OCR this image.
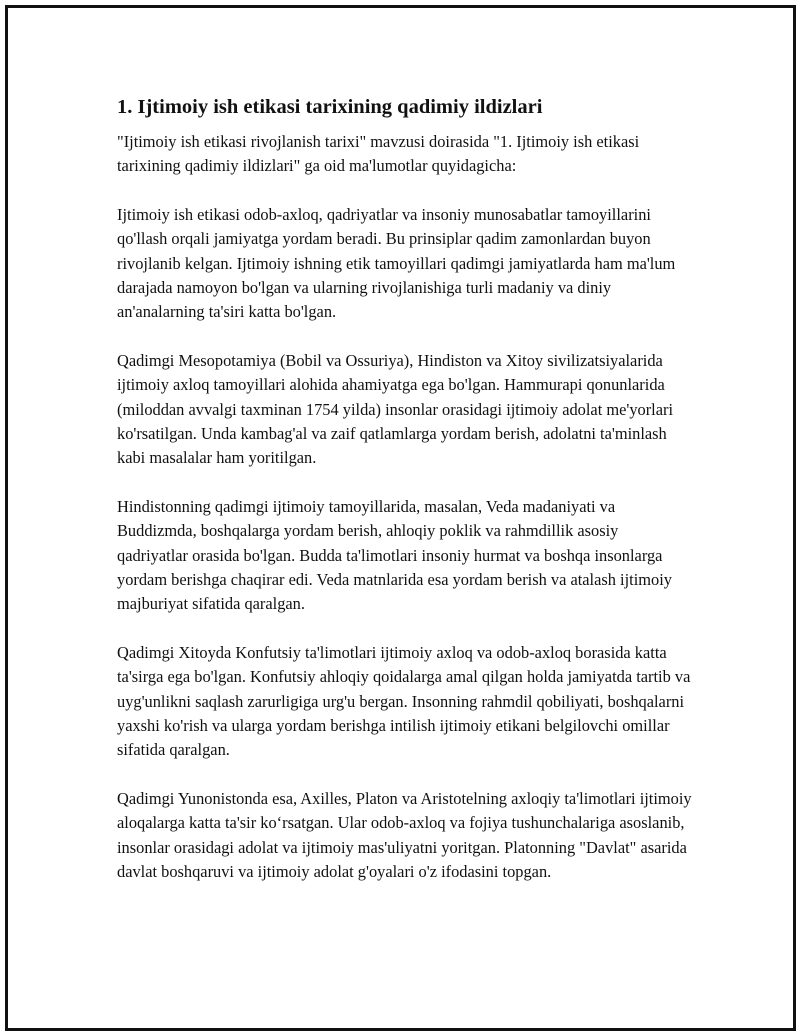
1. Ijtimoiy ish etikasi tarixining qadimiy ildizlari

"Ijtimoiy ish etikasi rivojlanish tarixi" mavzusi doirasida "1. Ijtimoiy ish etikasi tarixining qadimiy ildizlari" ga oid ma'lumotlar quyidagicha:

Ijtimoiy ish etikasi odob-axloq, qadriyatlar va insoniy munosabatlar tamoyillarini qo'llash orqali jamiyatga yordam beradi. Bu prinsiplar qadim zamonlardan buyon rivojlanib kelgan. Ijtimoiy ishning etik tamoyillari qadimgi jamiyatlarda ham ma'lum darajada namoyon bo'lgan va ularning rivojlanishiga turli madaniy va diniy an'analarning ta'siri katta bo'lgan.

Qadimgi Mesopotamiya (Bobil va Ossuriya), Hindiston va Xitoy sivilizatsiyalarida ijtimoiy axloq tamoyillari alohida ahamiyatga ega bo'lgan. Hammurapi qonunlarida (miloddan avvalgi taxminan 1754 yilda) insonlar orasidagi ijtimoiy adolat me'yorlari ko'rsatilgan. Unda kambag'al va zaif qatlamlarga yordam berish, adolatni ta'minlash kabi masalalar ham yoritilgan.

Hindistonning qadimgi ijtimoiy tamoyillarida, masalan, Veda madaniyati va Buddizmda, boshqalarga yordam berish, ahloqiy poklik va rahmdillik asosiy qadriyatlar orasida bo'lgan. Budda ta'limotlari insoniy hurmat va boshqa insonlarga yordam berishga chaqirar edi. Veda matnlarida esa yordam berish va atalash ijtimoiy majburiyat sifatida qaralgan.

Qadimgi Xitoyda Konfutsiy ta'limotlari ijtimoiy axloq va odob-axloq borasida katta ta'sirga ega bo'lgan. Konfutsiy ahloqiy qoidalarga amal qilgan holda jamiyatda tartib va uyg'unlikni saqlash zarurligiga urg'u bergan. Insonning rahmdil qobiliyati, boshqalarni yaxshi ko'rish va ularga yordam berishga intilish ijtimoiy etikani belgilovchi omillar sifatida qaralgan.

Qadimgi Yunonistonda esa, Axilles, Platon va Aristotelning axloqiy ta'limotlari ijtimoiy aloqalarga katta ta'sir ko‘rsatgan. Ular odob-axloq va fojiya tushunchalariga asoslanib, insonlar orasidagi adolat va ijtimoiy mas'uliyatni yoritgan. Platonning "Davlat" asarida davlat boshqaruvi va ijtimoiy adolat g'oyalari o'z ifodasini topgan.
